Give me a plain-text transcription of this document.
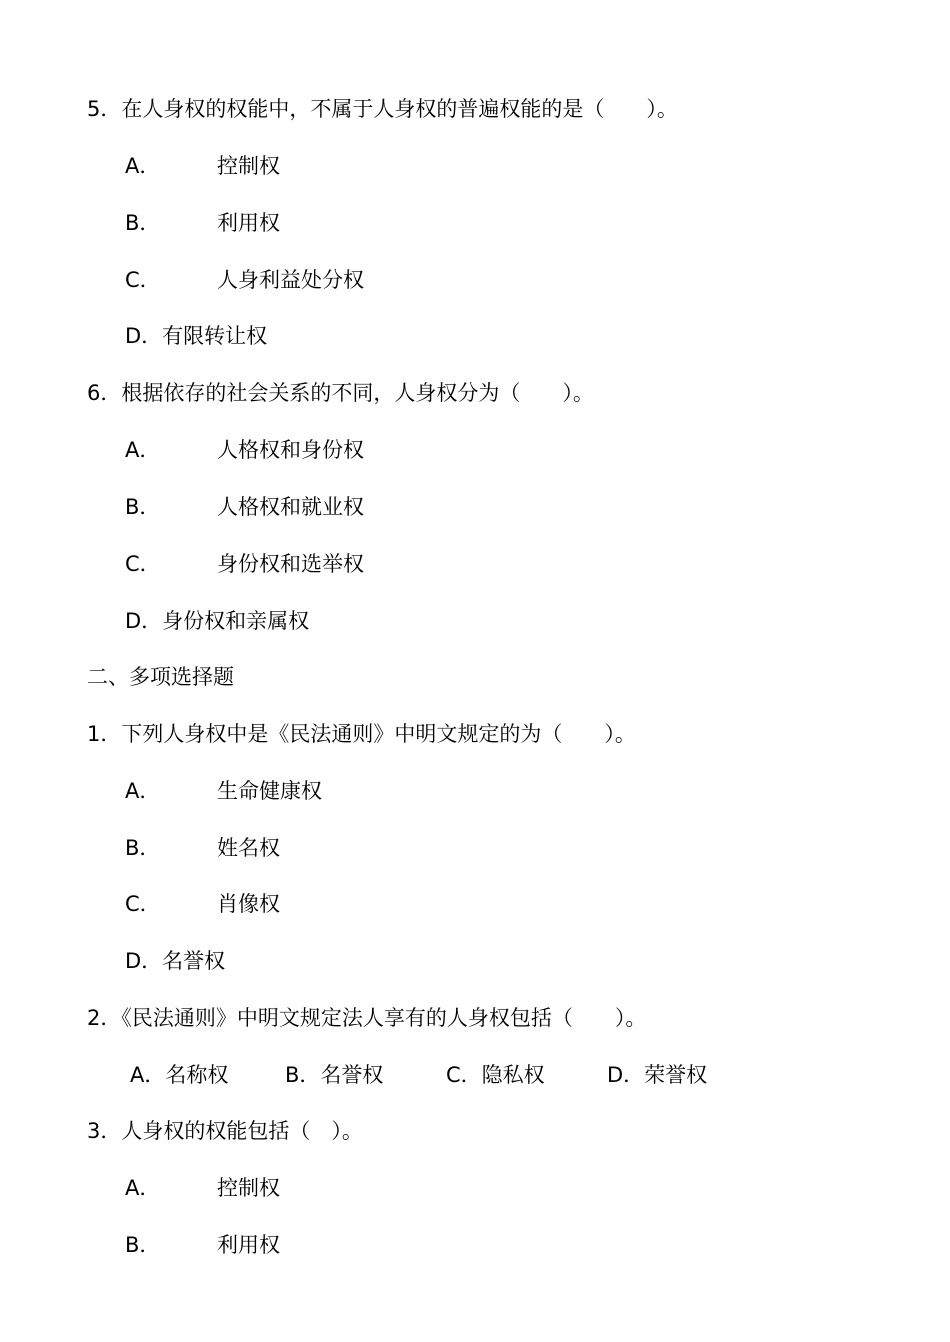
5．在人身权的权能中，不属于人身权的普遍权能的是（　　）。
A．	控制权
B．	利用权
C．	人身利益处分权
D．有限转让权
6．根据依存的社会关系的不同，人身权分为（　　）。
A．	人格权和身份权
B．	人格权和就业权
C．	身份权和选举权
D．身份权和亲属权
二、多项选择题
1．下列人身权中是《民法通则》中明文规定的为（　　）。
A．	生命健康权
B．	姓名权
C．	肖像权
D．名誉权
2．《民法通则》中明文规定法人享有的人身权包括（　　）。
A．名称权	B．名誉权	C．隐私权	D．荣誉权
3．人身权的权能包括（　）。
A．	控制权
B．	利用权
